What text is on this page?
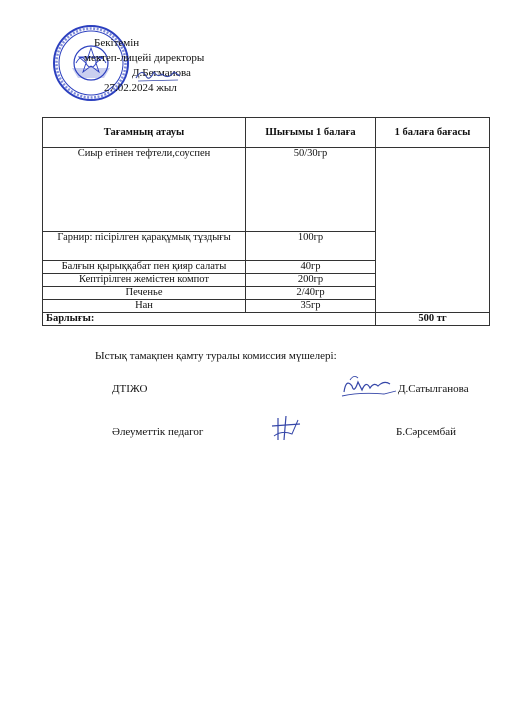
Бекітемін
мектеп-лицейі директоры
Д.Бегманова
27.02.2024 жыл
Тағамның атауы	Шығымы 1 балаға	1 балаға бағасы
Сиыр етінен тефтели,соуспен	50/30гр	
Гарнир: пісірілген қарақұмық тұздығы	100гр	
Балғын қырыққабат пен қияр салаты	40гр	
Кептірілген жемістен компот	200гр	
Печенье	2/40гр	
Нан	35гр	
Барлығы:		500 тг
Ыстық тамақпен қамту туралы комиссия мүшелері:
ДТІЖО	Д.Сатылганова
Әлеуметтік педагог	Б.Сәрсембай
